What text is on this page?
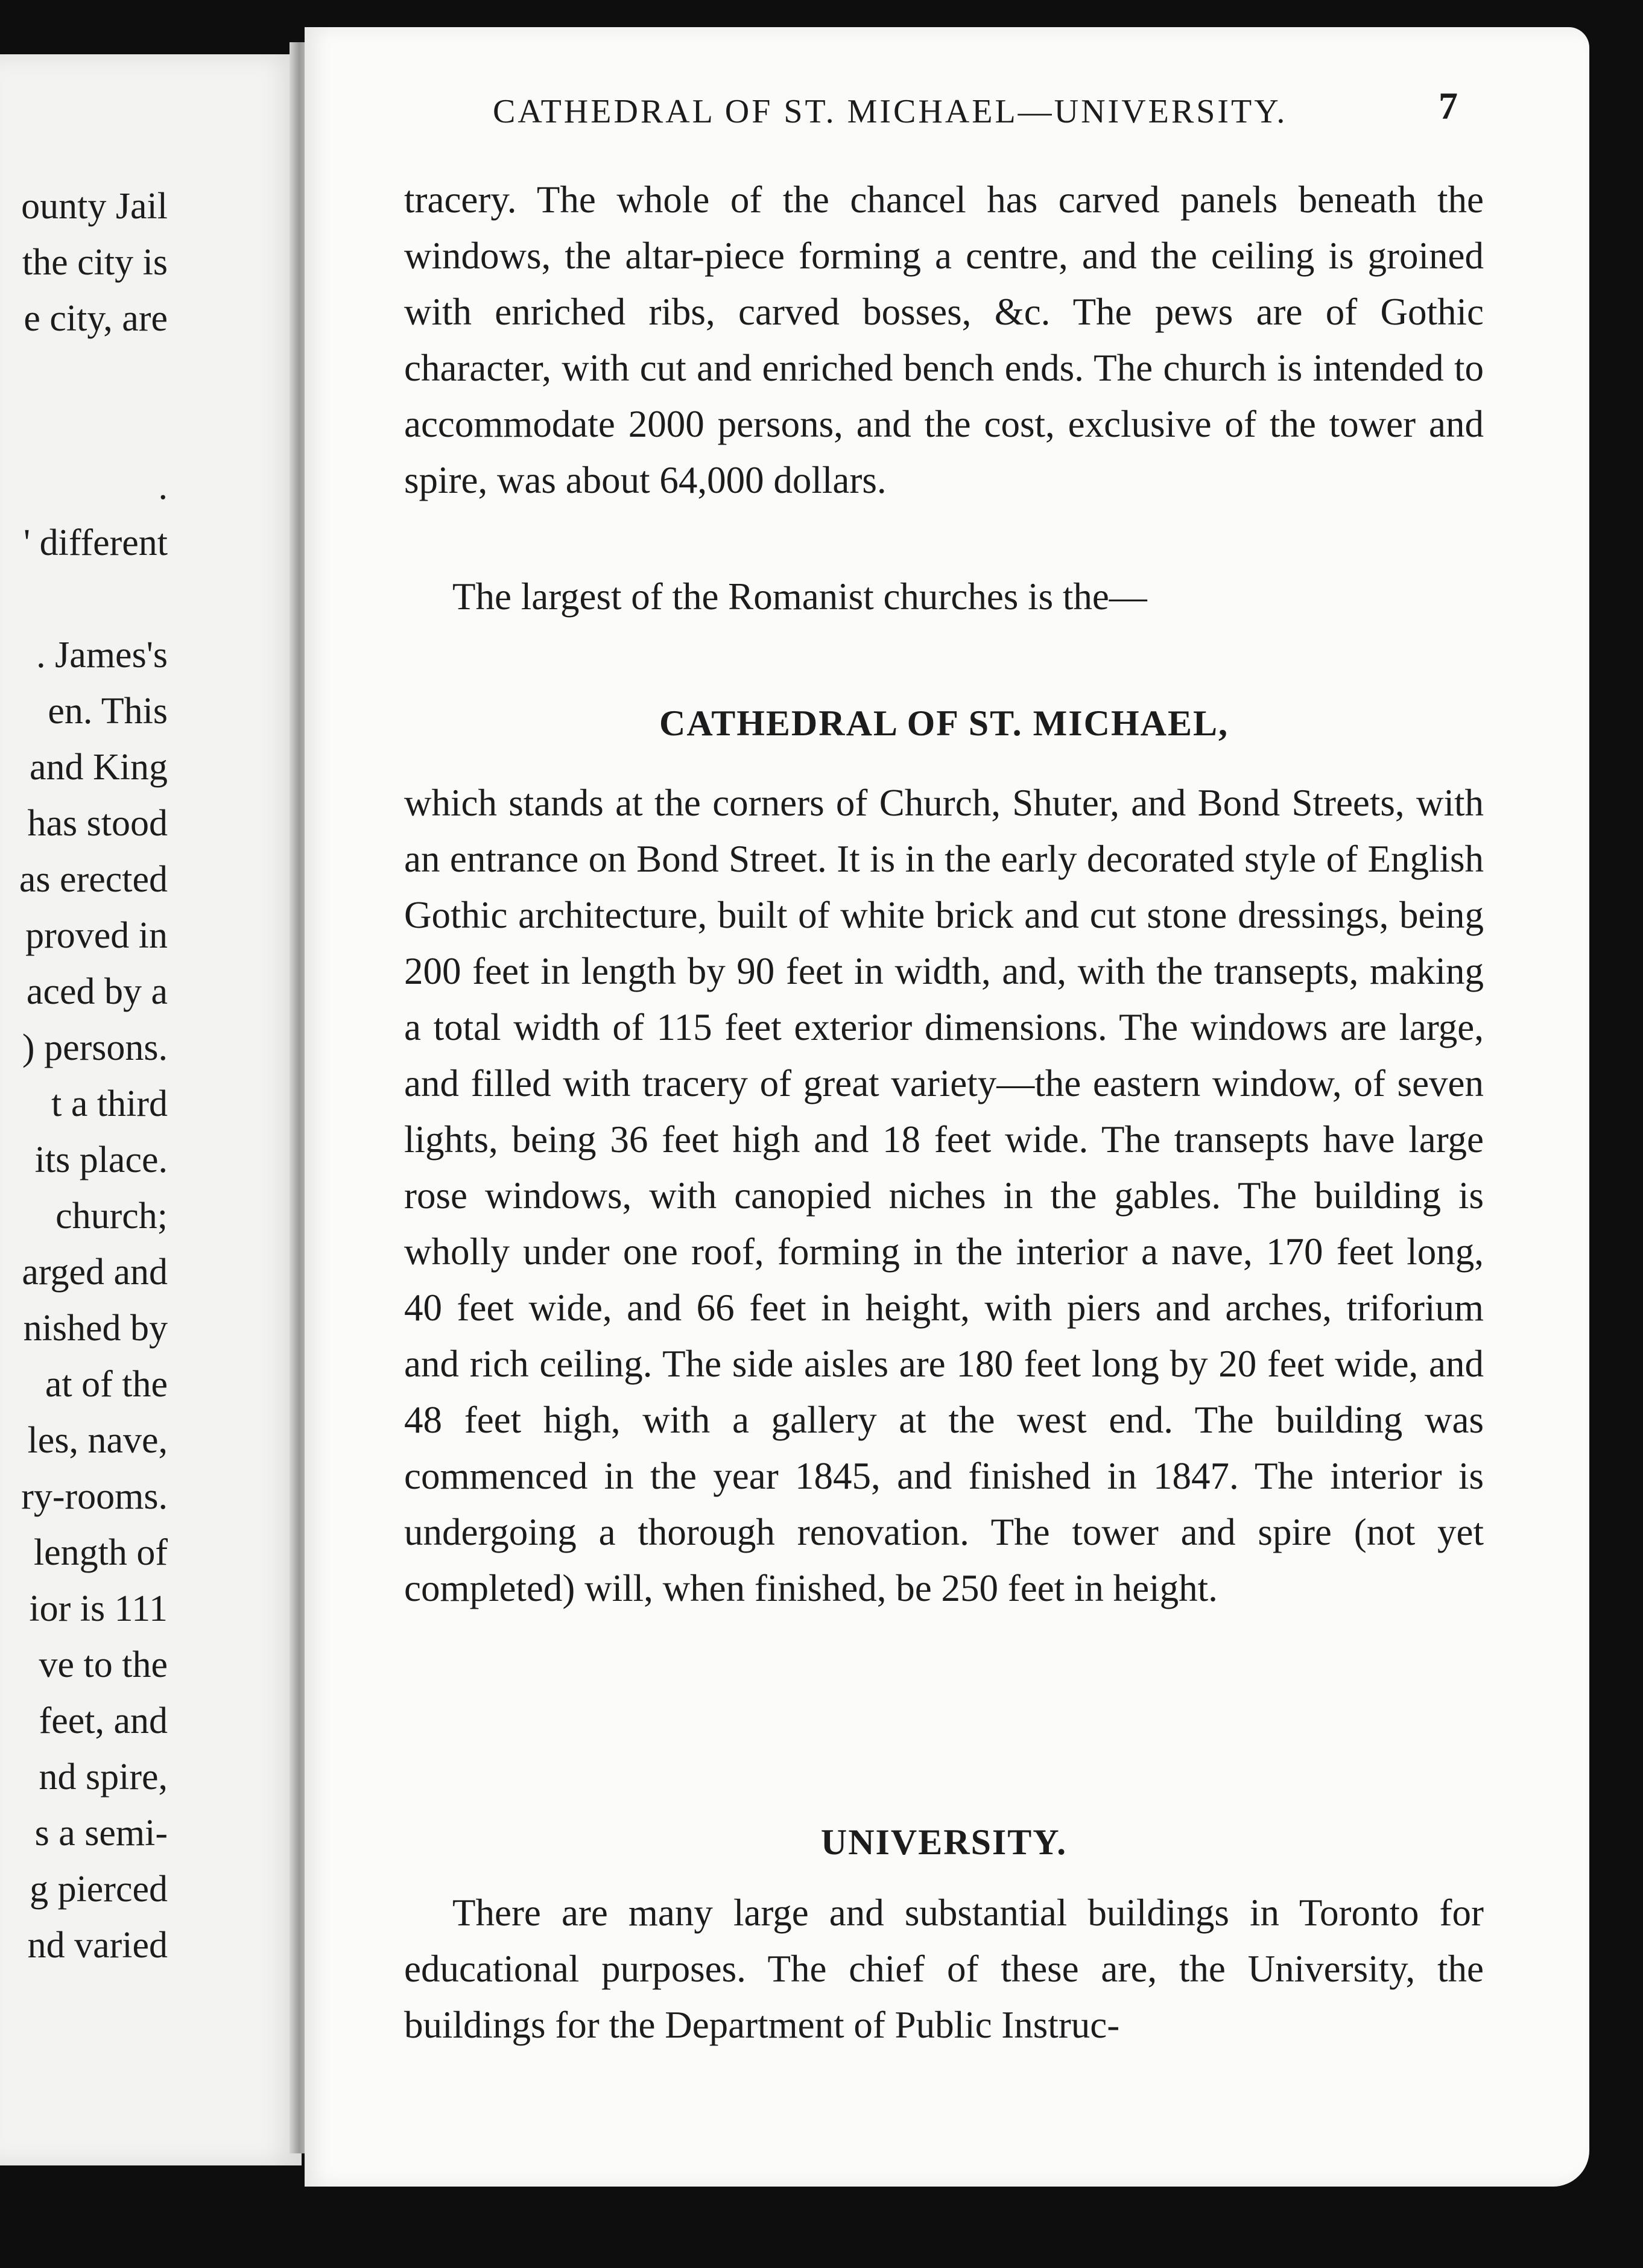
ounty Jail
the city is
e city, are
.
' different
. James's
en. This
and King
has stood
as erected
proved in
aced by a
) persons.
t a third
its place.
church;
arged and
nished by
at of the
les, nave,
ry-rooms.
length of
ior is 111
ve to the
feet, and
nd spire,
s a semi-
g pierced
nd varied
CATHEDRAL OF ST. MICHAEL—UNIVERSITY.	7

tracery. The whole of the chancel has carved panels beneath the windows, the altar-piece forming a centre, and the ceiling is groined with enriched ribs, carved bosses, &c. The pews are of Gothic character, with cut and enriched bench ends. The church is intended to accommodate 2000 persons, and the cost, exclusive of the tower and spire, was about 64,000 dollars.

The largest of the Romanist churches is the—

CATHEDRAL OF ST. MICHAEL,

which stands at the corners of Church, Shuter, and Bond Streets, with an entrance on Bond Street. It is in the early decorated style of English Gothic architecture, built of white brick and cut stone dressings, being 200 feet in length by 90 feet in width, and, with the transepts, making a total width of 115 feet exterior dimensions. The windows are large, and filled with tracery of great variety—the eastern window, of seven lights, being 36 feet high and 18 feet wide. The transepts have large rose windows, with canopied niches in the gables. The building is wholly under one roof, forming in the interior a nave, 170 feet long, 40 feet wide, and 66 feet in height, with piers and arches, triforium and rich ceiling. The side aisles are 180 feet long by 20 feet wide, and 48 feet high, with a gallery at the west end. The building was commenced in the year 1845, and finished in 1847. The interior is undergoing a thorough renovation. The tower and spire (not yet completed) will, when finished, be 250 feet in height.

UNIVERSITY.

There are many large and substantial buildings in Toronto for educational purposes. The chief of these are, the University, the buildings for the Department of Public Instruc-
